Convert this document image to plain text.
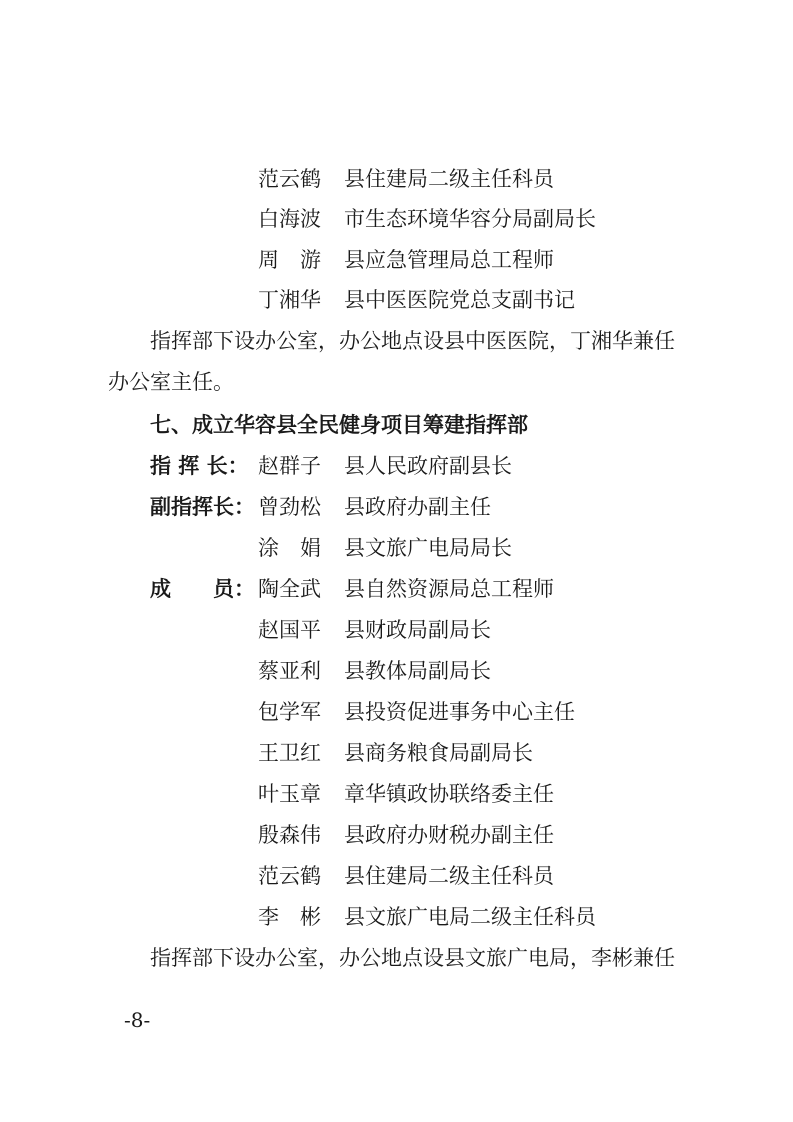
范云鹤 县住建局二级主任科员
白海波 市生态环境华容分局副局长
周　游 县应急管理局总工程师
丁湘华 县中医医院党总支副书记
指挥部下设办公室，办公地点设县中医医院，丁湘华兼任
办公室主任。
七、成立华容县全民健身项目筹建指挥部
指 挥 长： 赵群子 县人民政府副县长
副指挥长： 曾劲松 县政府办副主任
涂　娟 县文旅广电局局长
成　　员： 陶全武 县自然资源局总工程师
赵国平 县财政局副局长
蔡亚利 县教体局副局长
包学军 县投资促进事务中心主任
王卫红 县商务粮食局副局长
叶玉章 章华镇政协联络委主任
殷森伟 县政府办财税办副主任
范云鹤 县住建局二级主任科员
李　彬 县文旅广电局二级主任科员
指挥部下设办公室，办公地点设县文旅广电局，李彬兼任
-8-
